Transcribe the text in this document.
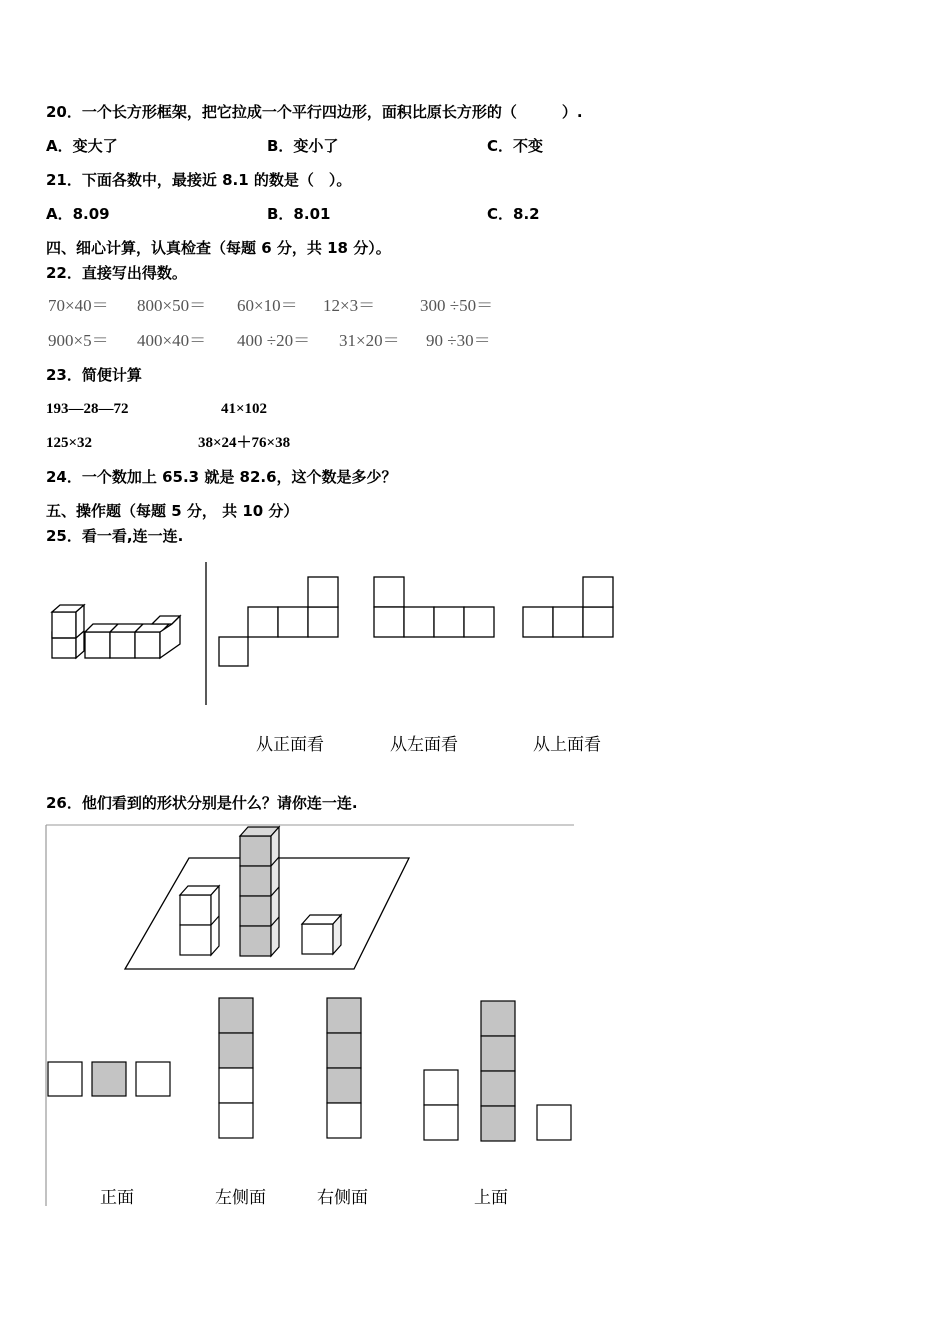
20．一个长方形框架，把它拉成一个平行四边形，面积比原长方形的（　　　）.
A．变大了	B．变小了	C．不变
21．下面各数中，最接近 8.1 的数是（　）。
A．8.09	B．8.01	C．8.2
四、细心计算，认真检查（每题 6 分，共 18 分）。
22．直接写出得数。
70×40＝ 800×50＝ 60×10＝ 12×3＝	300 ÷50＝
900×5＝ 400×40＝ 400 ÷20＝ 31×20＝ 90 ÷30＝
23．简便计算
193—28—72	41×102
125×32	38×24＋76×38
24．一个数加上 65.3 就是 82.6，这个数是多少？
五、操作题（每题 5 分， 共 10 分）
25．看一看,连一连.
从正面看	从左面看	从上面看
26．他们看到的形状分别是什么？请你连一连.
正面	左侧面	右侧面	上面
